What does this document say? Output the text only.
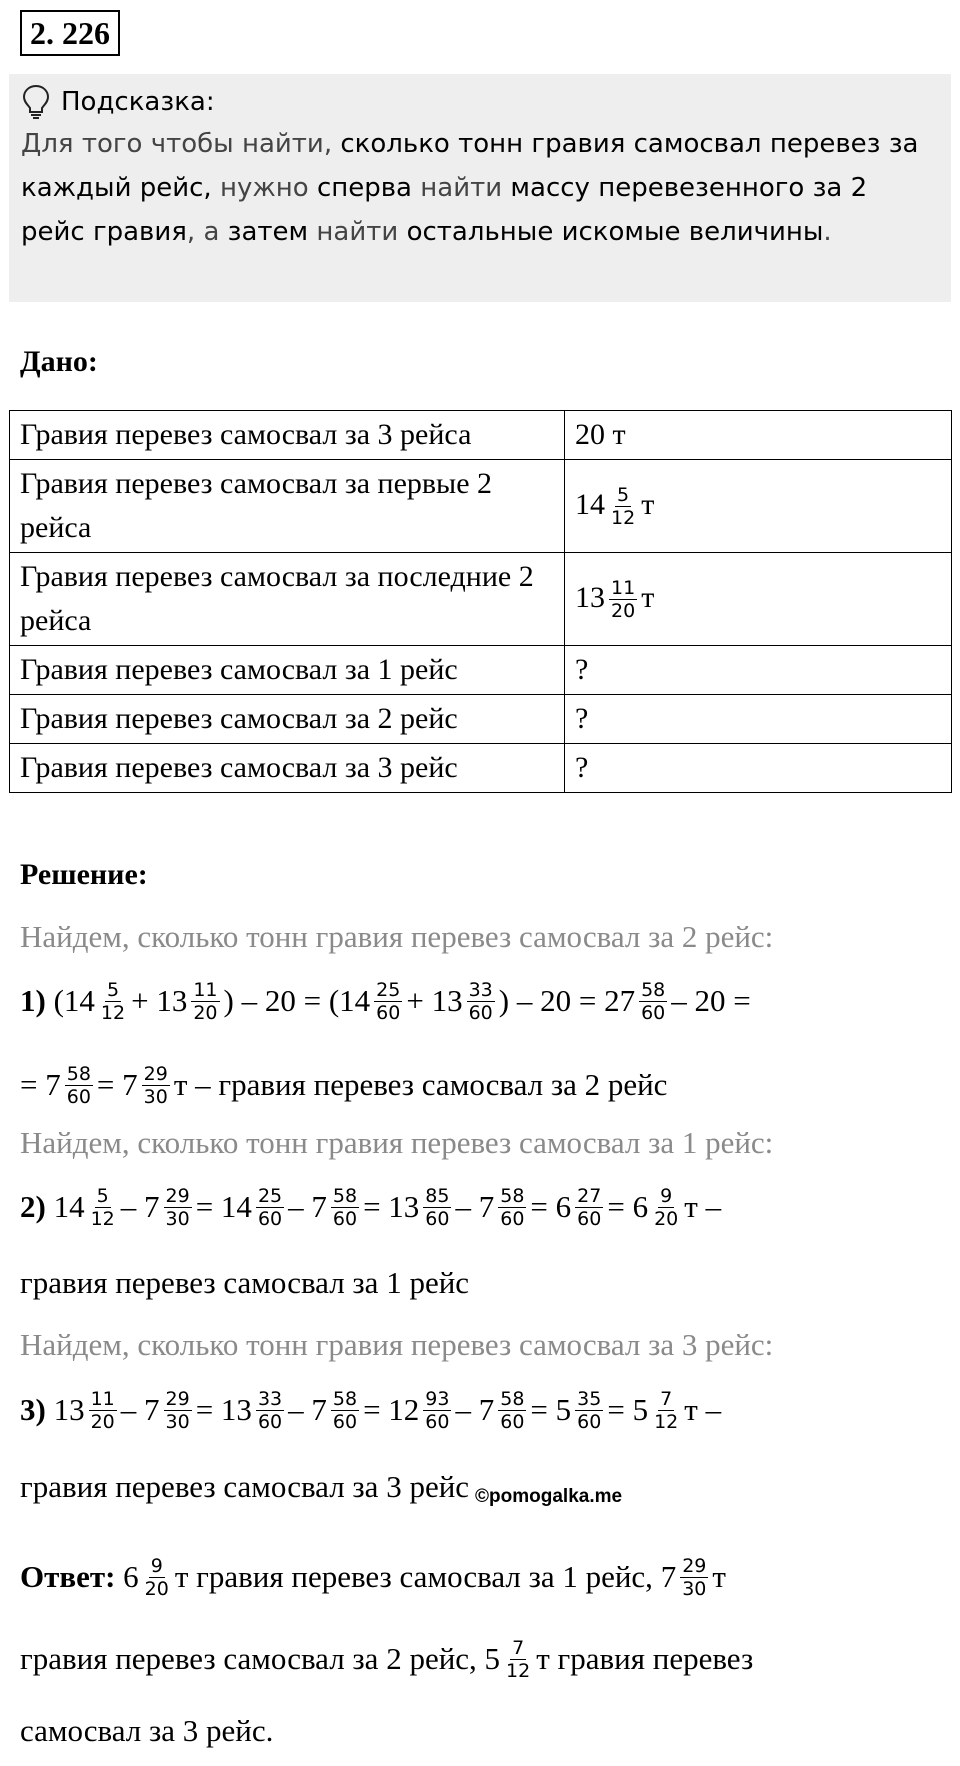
2. 226
Подсказка:
Для того чтобы найти, сколько тонн гравия самосвал перевез за каждый рейс, нужно сперва найти массу перевезенного за 2 рейс гравия, а затем найти остальные искомые величины.
Дано:
Гравия перевез самосвал за 3 рейса	20 т
Гравия перевез самосвал за первые 2 рейса	$14 \frac{5}{12}$ т
Гравия перевез самосвал за последние 2 рейса	$13 \frac{11}{20}$ т
Гравия перевез самосвал за 1 рейс	?
Гравия перевез самосвал за 2 рейс	?
Гравия перевез самосвал за 3 рейс	?
Решение:
Найдем, сколько тонн гравия перевез самосвал за 2 рейс:
1) ($14 \frac{5}{12} + 13 \frac{11}{20}$ ) – $20 = (14 \frac{25}{60} + 13 \frac{33}{60}$ ) – $20 = 27 \frac{58}{60} - 20$ =
= $7 \frac{58}{60} = 7 \frac{29}{30}$ т – гравия перевез самосвал за 2 рейс
Найдем, сколько тонн гравия перевез самосвал за 1 рейс:
2) $14 \frac{5}{12} - 7 \frac{29}{30} = 14 \frac{25}{60} - 7 \frac{58}{60} = 13 \frac{85}{60} - 7 \frac{58}{60} = 6 \frac{27}{60} = 6 \frac{9}{20}$ т –
гравия перевез самосвал за 1 рейс
Найдем, сколько тонн гравия перевез самосвал за 3 рейс:
3) $13 \frac{11}{20} - 7 \frac{29}{30} = 13 \frac{33}{60} - 7 \frac{58}{60} = 12 \frac{93}{60} - 7 \frac{58}{60} = 5 \frac{35}{60} = 5 \frac{7}{12}$ т –
гравия перевез самосвал за 3 рейс ©pomogalka.me
Ответ: $6 \frac{9}{20}$ т гравия перевез самосвал за 1 рейс, $7 \frac{29}{30}$ т
гравия перевез самосвал за 2 рейс, $5 \frac{7}{12}$ т гравия перевез
самосвал за 3 рейс.
